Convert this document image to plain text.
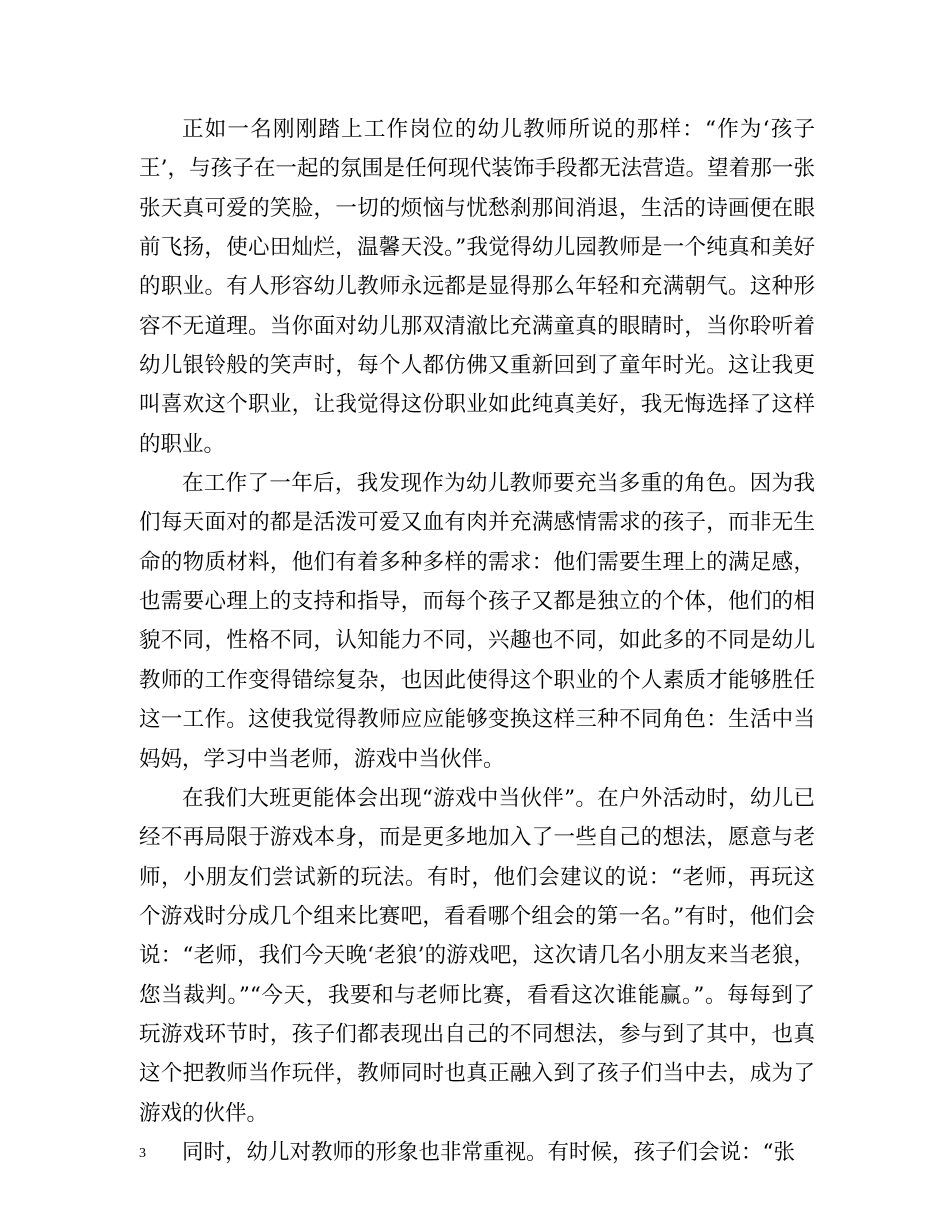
正如一名刚刚踏上工作岗位的幼儿教师所说的那样：“作为‘孩子王’，与孩子在一起的氛围是任何现代装饰手段都无法营造。望着那一张张天真可爱的笑脸，一切的烦恼与忧愁刹那间消退，生活的诗画便在眼前飞扬，使心田灿烂，温馨天没。”我觉得幼儿园教师是一个纯真和美好的职业。有人形容幼儿教师永远都是显得那么年轻和充满朝气。这种形容不无道理。当你面对幼儿那双清澈比充满童真的眼睛时，当你聆听着幼儿银铃般的笑声时，每个人都仿佛又重新回到了童年时光。这让我更叫喜欢这个职业，让我觉得这份职业如此纯真美好，我无悔选择了这样的职业。

在工作了一年后，我发现作为幼儿教师要充当多重的角色。因为我们每天面对的都是活泼可爱又血有肉并充满感情需求的孩子，而非无生命的物质材料，他们有着多种多样的需求：他们需要生理上的满足感，也需要心理上的支持和指导，而每个孩子又都是独立的个体，他们的相貌不同，性格不同，认知能力不同，兴趣也不同，如此多的不同是幼儿教师的工作变得错综复杂，也因此使得这个职业的个人素质才能够胜任这一工作。这使我觉得教师应应能够变换这样三种不同角色：生活中当妈妈，学习中当老师，游戏中当伙伴。

在我们大班更能体会出现“游戏中当伙伴”。在户外活动时，幼儿已经不再局限于游戏本身，而是更多地加入了一些自己的想法，愿意与老师，小朋友们尝试新的玩法。有时，他们会建议的说：“老师，再玩这个游戏时分成几个组来比赛吧，看看哪个组会的第一名。”有时，他们会说：“老师，我们今天晚‘老狼’的游戏吧，这次请几名小朋友来当老狼，您当裁判。”“今天，我要和与老师比赛，看看这次谁能赢。”。每每到了玩游戏环节时，孩子们都表现出自己的不同想法，参与到了其中，也真这个把教师当作玩伴，教师同时也真正融入到了孩子们当中去，成为了游戏的伙伴。

同时，幼儿对教师的形象也非常重视。有时候，孩子们会说：“张

3
